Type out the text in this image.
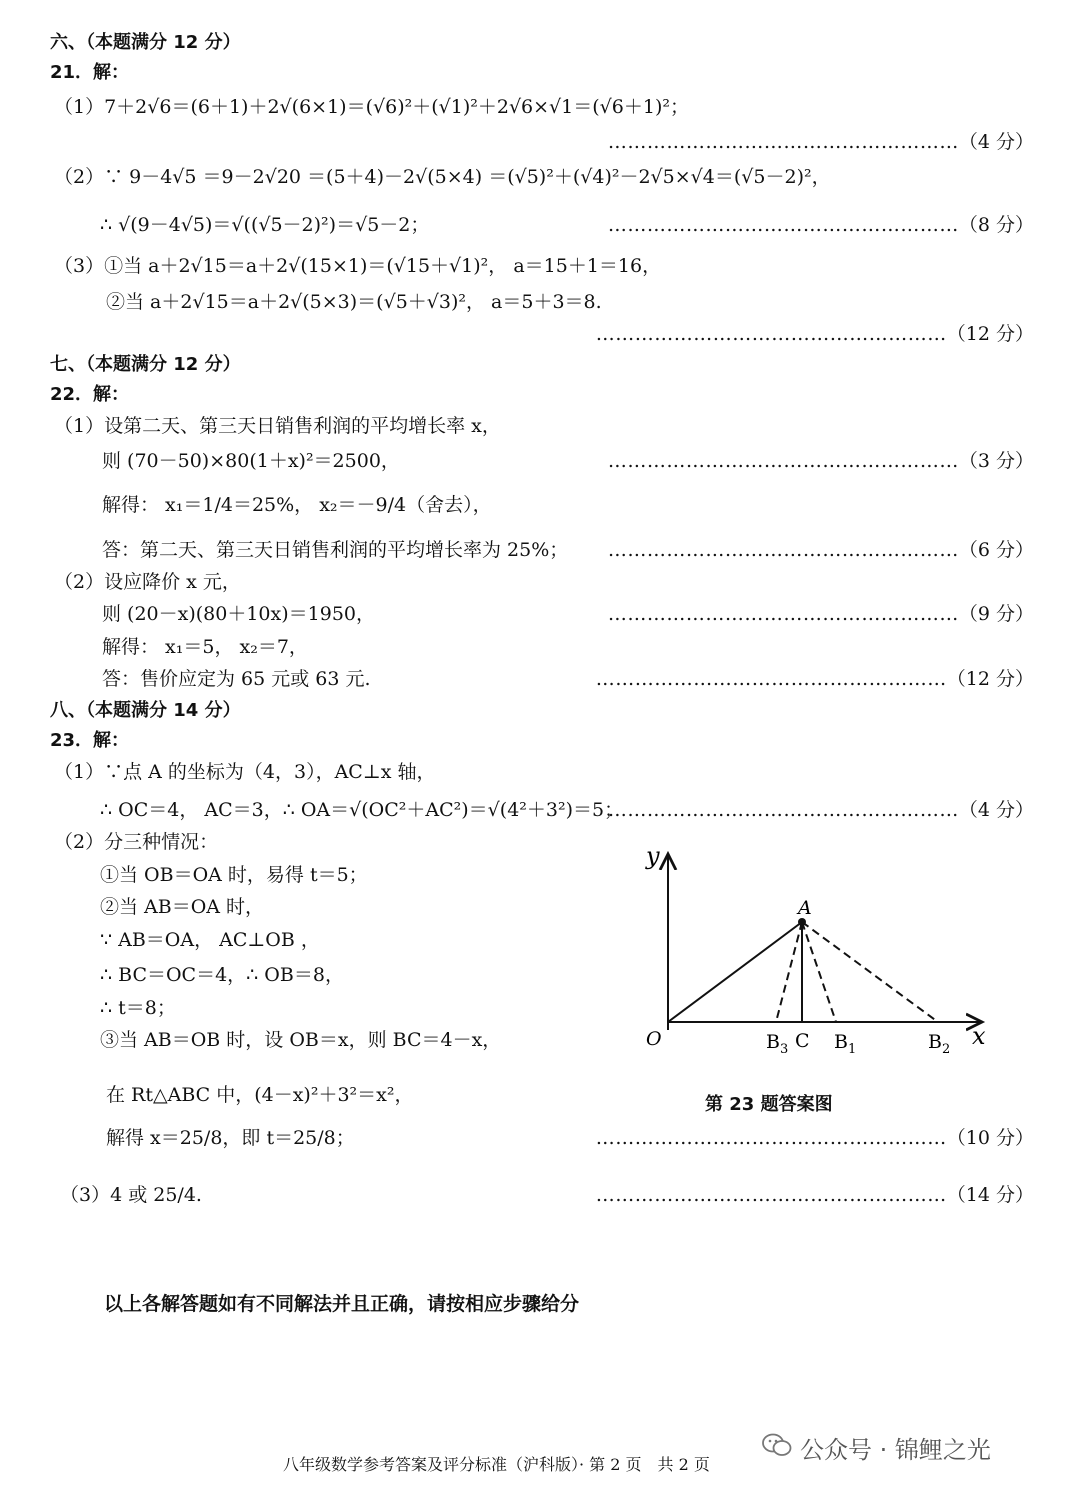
六、（本题满分 12 分）
21．解：
（1）7＋2√6＝(6＋1)＋2√(6×1)＝(√6)²＋(√1)²＋2√6×√1＝(√6＋1)²；
………………………………………………（4 分）
（2）∵ 9－4√5 ＝9－2√20 ＝(5＋4)－2√(5×4) ＝(√5)²＋(√4)²－2√5×√4＝(√5－2)²，
∴ √(9－4√5)＝√((√5－2)²)＝√5－2；	………………………………………………（8 分）
（3）①当 a＋2√15＝a＋2√(15×1)＝(√15＋√1)²， a＝15＋1＝16，
②当 a＋2√15＝a＋2√(5×3)＝(√5＋√3)²， a＝5＋3＝8.
………………………………………………（12 分）
七、（本题满分 12 分）
22．解：
（1）设第二天、第三天日销售利润的平均增长率 x，
则 (70－50)×80(1＋x)²＝2500，	………………………………………………（3 分）
解得： x₁＝1/4＝25%， x₂＝－9/4（舍去），
答：第二天、第三天日销售利润的平均增长率为 25%； ………………………………………………（6 分）
（2）设应降价 x 元，
则 (20－x)(80＋10x)＝1950，	………………………………………………（9 分）
解得： x₁＝5， x₂＝7，
答：售价应定为 65 元或 63 元.	………………………………………………（12 分）
八、（本题满分 14 分）
23．解：
（1）∵点 A 的坐标为（4，3），AC⊥x 轴，
∴ OC＝4， AC＝3，∴ OA＝√(OC²＋AC²)＝√(4²＋3²)＝5；
………………………………………………（4 分）
（2）分三种情况：
①当 OB＝OA 时，易得 t＝5；
②当 AB＝OA 时，
∵ AB＝OA， AC⊥OB ，
∴ BC＝OC＝4，∴ OB＝8，
∴ t＝8；
③当 AB＝OB 时，设 OB＝x，则 BC＝4－x，
在 Rt△ABC 中，(4－x)²＋3²＝x²，
解得 x＝25/8，即 t＝25/8；	………………………………………………（10 分）
（3）4 或 25/4.	………………………………………………（14 分）
y
x
O
A
C
$B_3$ $B_1$	$B_2$
第 23 题答案图
以上各解答题如有不同解法并且正确，请按相应步骤给分
八年级数学参考答案及评分标准（沪科版）· 第 2 页　共 2 页
公众号 · 锦鲤之光
